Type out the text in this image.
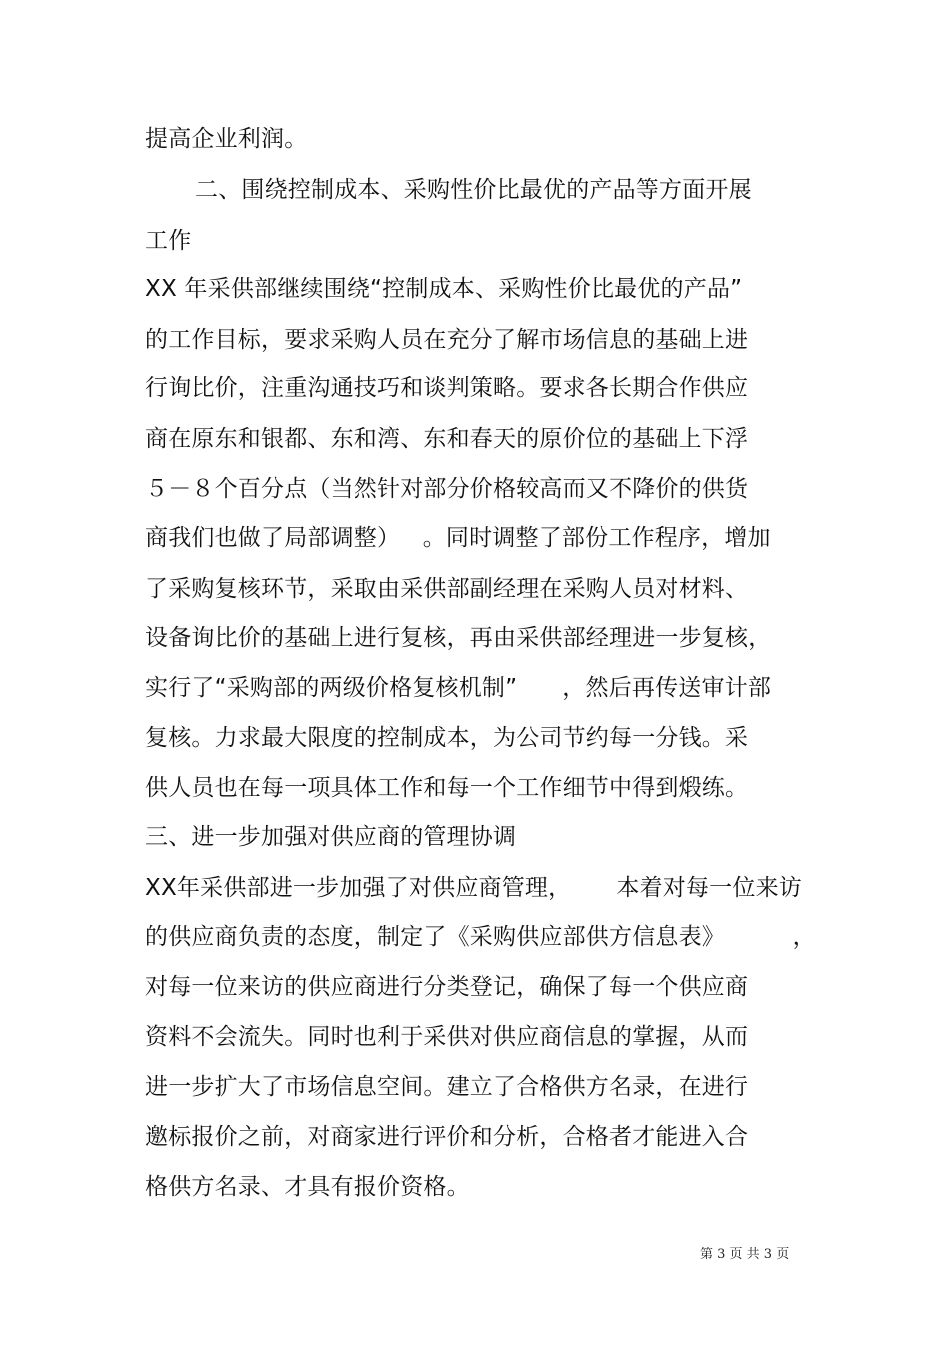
提高企业利润。
二、围绕控制成本、采购性价比最优的产品等方面开展
工作
XX 年采供部继续围绕“控制成本、采购性价比最优的产品”
的工作目标，要求采购人员在充分了解市场信息的基础上进
行询比价，注重沟通技巧和谈判策略。要求各长期合作供应
商在原东和银都、东和湾、东和春天的原价位的基础上下浮
５－８个百分点（当然针对部分价格较高而又不降价的供货
商我们也做了局部调整）   。同时调整了部份工作程序，增加
了采购复核环节，采取由采供部副经理在采购人员对材料、
设备询比价的基础上进行复核，再由采供部经理进一步复核，
实行了“采购部的两级价格复核机制”      ，然后再传送审计部
复核。力求最大限度的控制成本，为公司节约每一分钱。采
供人员也在每一项具体工作和每一个工作细节中得到煅练。
三、进一步加强对供应商的管理协调
XX年采供部进一步加强了对供应商管理，      本着对每一位来访
的供应商负责的态度，制定了《采购供应部供方信息表》         ，
对每一位来访的供应商进行分类登记，确保了每一个供应商
资料不会流失。同时也利于采供对供应商信息的掌握，从而
进一步扩大了市场信息空间。建立了合格供方名录，在进行
邀标报价之前，对商家进行评价和分析，合格者才能进入合
格供方名录、才具有报价资格。
第 3 页 共 3 页
